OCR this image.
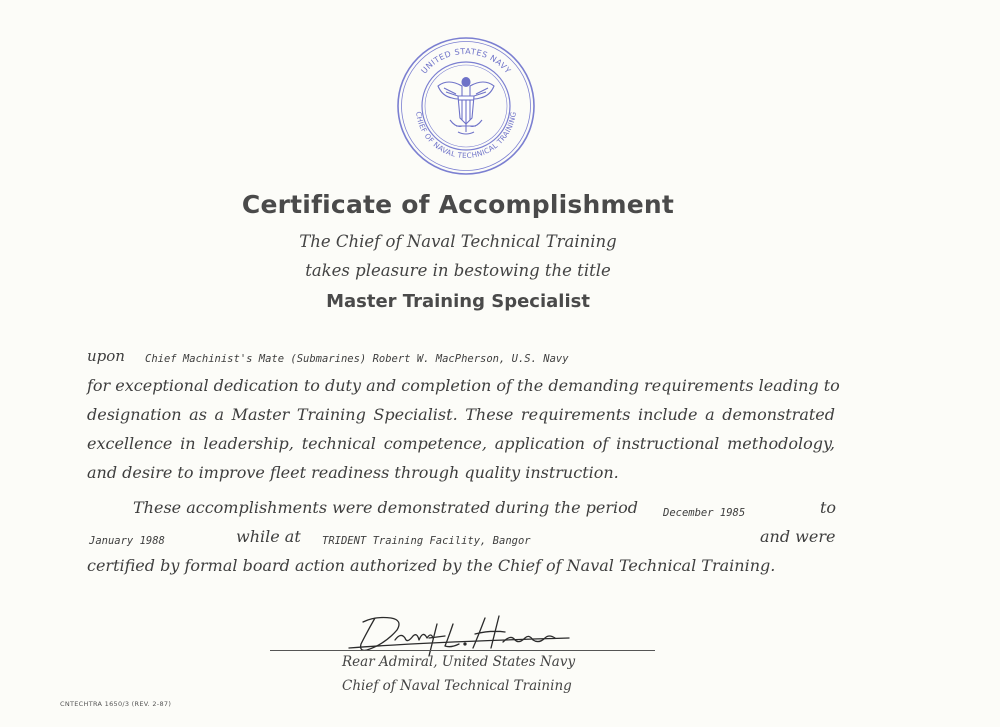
UNITED STATES NAVY
CHIEF OF NAVAL TECHNICAL TRAINING
Certificate of Accomplishment
The Chief of Naval Technical Training
takes pleasure in bestowing the title
Master Training Specialist
upon Chief Machinist's Mate (Submarines) Robert W. MacPherson, U.S. Navy
for exceptional dedication to duty and completion of the demanding requirements leading to
designation as a Master Training Specialist. These requirements include a demonstrated
excellence in leadership, technical competence, application of instructional methodology,
and desire to improve fleet readiness through quality instruction.
These accomplishments were demonstrated during the period December 1985	to
January 1988	while at TRIDENT Training Facility, Bangor	and were
certified by formal board action authorized by the Chief of Naval Technical Training.
Rear Admiral, United States Navy
Chief of Naval Technical Training
CNTECHTRA 1650/3 (REV. 2-87)
